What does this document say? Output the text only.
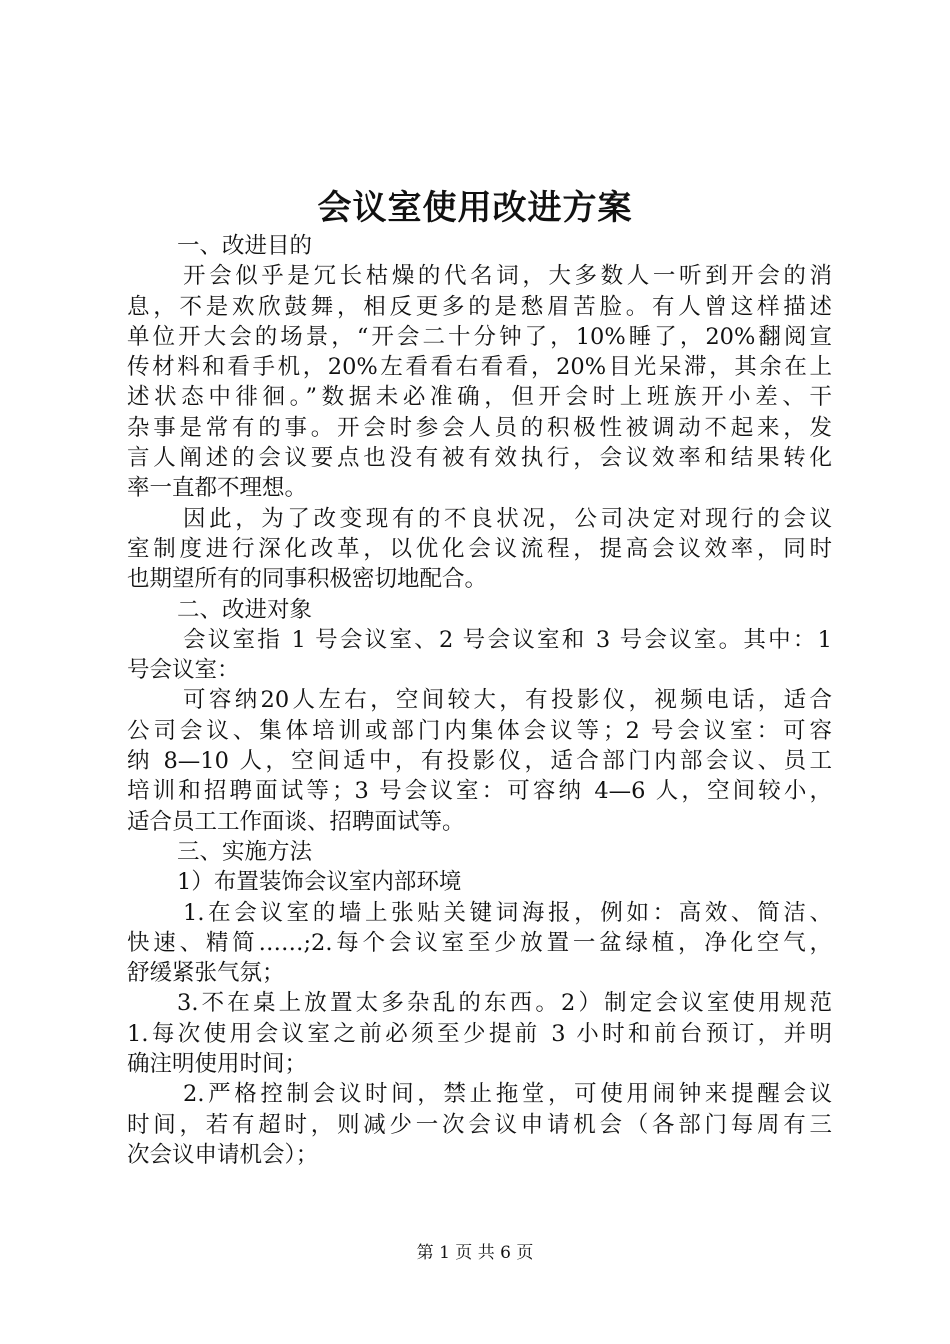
会议室使用改进方案
一、改进目的
开会似乎是冗长枯燥的代名词，大多数人一听到开会的消
息，不是欢欣鼓舞，相反更多的是愁眉苦脸。有人曾这样描述
单位开大会的场景，“开会二十分钟了，10%睡了，20%翻阅宣
传材料和看手机，20%左看看右看看，20%目光呆滞，其余在上
述状态中徘徊。”数据未必准确，但开会时上班族开小差、干
杂事是常有的事。开会时参会人员的积极性被调动不起来，发
言人阐述的会议要点也没有被有效执行，会议效率和结果转化
率一直都不理想。
因此，为了改变现有的不良状况，公司决定对现行的会议
室制度进行深化改革，以优化会议流程，提高会议效率，同时
也期望所有的同事积极密切地配合。
二、改进对象
会议室指 1 号会议室、2 号会议室和 3 号会议室。其中：1
号会议室：
可容纳20人左右，空间较大，有投影仪，视频电话，适合
公司会议、集体培训或部门内集体会议等；2 号会议室：可容
纳 8—10 人，空间适中，有投影仪，适合部门内部会议、员工
培训和招聘面试等；3 号会议室：可容纳 4—6 人，空间较小，
适合员工工作面谈、招聘面试等。
三、实施方法
1）布置装饰会议室内部环境
1.在会议室的墙上张贴关键词海报，例如：高效、简洁、
快速、精简……;2.每个会议室至少放置一盆绿植，净化空气，
舒缓紧张气氛；
3.不在桌上放置太多杂乱的东西。2）制定会议室使用规范
1.每次使用会议室之前必须至少提前 3 小时和前台预订，并明
确注明使用时间；
2.严格控制会议时间，禁止拖堂，可使用闹钟来提醒会议
时间，若有超时，则减少一次会议申请机会（各部门每周有三
次会议申请机会）；
第 1 页 共 6 页
